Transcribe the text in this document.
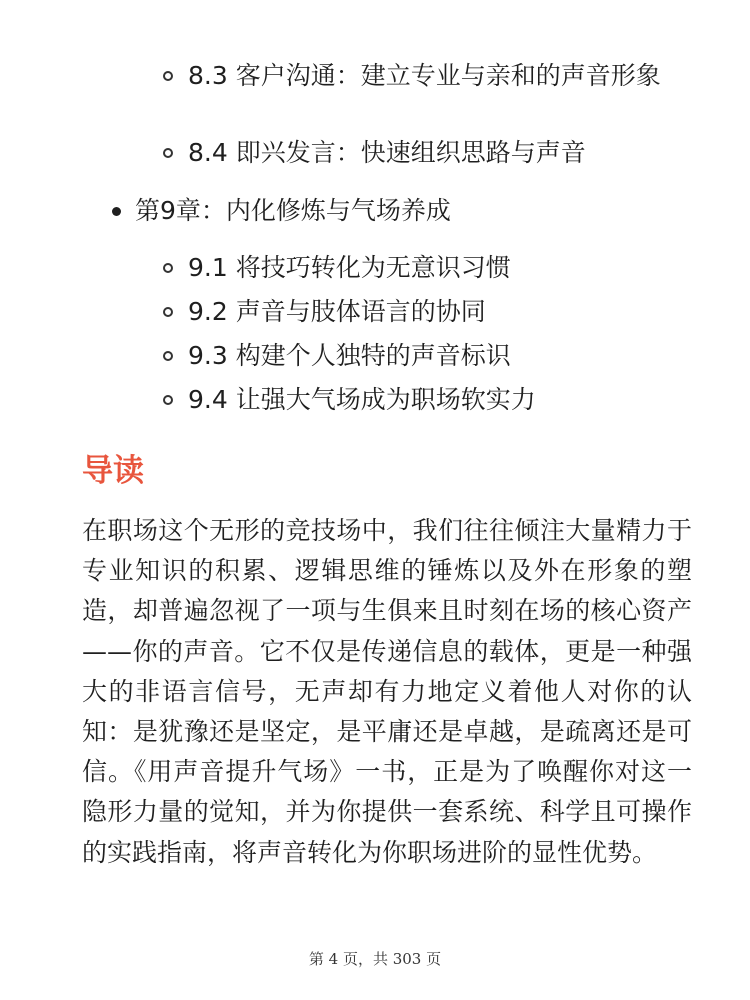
8.3 客户沟通：建立专业与亲和的声音形象

8.4 即兴发言：快速组织思路与声音

第9章：内化修炼与气场养成

9.1 将技巧转化为无意识习惯

9.2 声音与肢体语言的协同

9.3 构建个人独特的声音标识

9.4 让强大气场成为职场软实力

导读

在职场这个无形的竞技场中，我们往往倾注大量精力于专业知识的积累、逻辑思维的锤炼以及外在形象的塑造，却普遍忽视了一项与生俱来且时刻在场的核心资产——你的声音。它不仅是传递信息的载体，更是一种强大的非语言信号，无声却有力地定义着他人对你的认知：是犹豫还是坚定，是平庸还是卓越，是疏离还是可信。《用声音提升气场》一书，正是为了唤醒你对这一隐形力量的觉知，并为你提供一套系统、科学且可操作的实践指南，将声音转化为你职场进阶的显性优势。

第 4 页，共 303 页
